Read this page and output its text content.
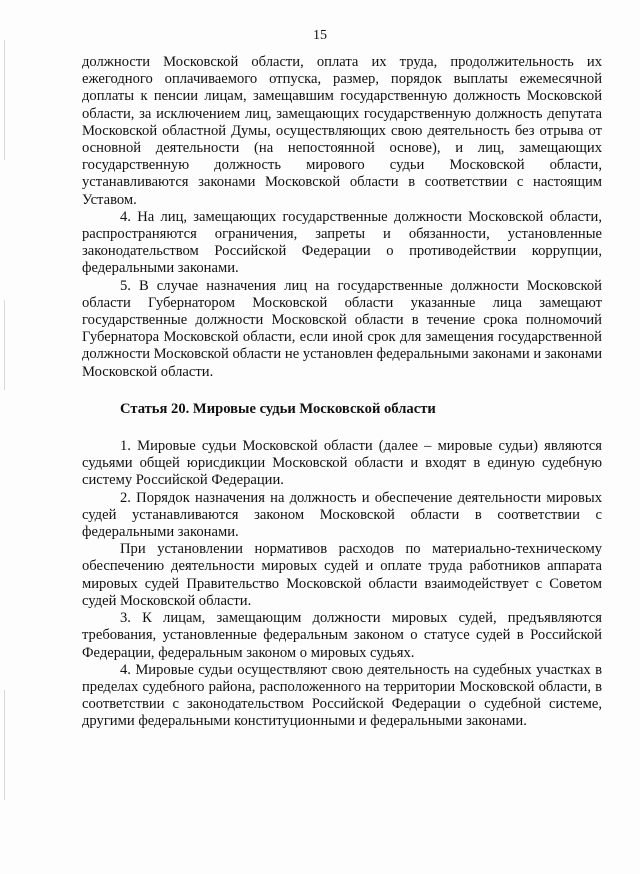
15

должности Московской области, оплата их труда, продолжительность их ежегодного оплачиваемого отпуска, размер, порядок выплаты ежемесячной доплаты к пенсии лицам, замещавшим государственную должность Московской области, за исключением лиц, замещающих государственную должность депутата Московской областной Думы, осуществляющих свою деятельность без отрыва от основной деятельности (на непостоянной основе), и лиц, замещающих государственную должность мирового судьи Московской области, устанавливаются законами Московской области в соответствии с настоящим Уставом.

4. На лиц, замещающих государственные должности Московской области, распространяются ограничения, запреты и обязанности, установленные законодательством Российской Федерации о противодействии коррупции, федеральными законами.

5. В случае назначения лиц на государственные должности Московской области Губернатором Московской области указанные лица замещают государственные должности Московской области в течение срока полномочий Губернатора Московской области, если иной срок для замещения государственной должности Московской области не установлен федеральными законами и законами Московской области.

Статья 20. Мировые судьи Московской области

1. Мировые судьи Московской области (далее – мировые судьи) являются судьями общей юрисдикции Московской области и входят в единую судебную систему Российской Федерации.

2. Порядок назначения на должность и обеспечение деятельности мировых судей устанавливаются законом Московской области в соответствии с федеральными законами.

При установлении нормативов расходов по материально-техническому обеспечению деятельности мировых судей и оплате труда работников аппарата мировых судей Правительство Московской области взаимодействует с Советом судей Московской области.

3. К лицам, замещающим должности мировых судей, предъявляются требования, установленные федеральным законом о статусе судей в Российской Федерации, федеральным законом о мировых судьях.

4. Мировые судьи осуществляют свою деятельность на судебных участках в пределах судебного района, расположенного на территории Московской области, в соответствии с законодательством Российской Федерации о судебной системе, другими федеральными конституционными и федеральными законами.
